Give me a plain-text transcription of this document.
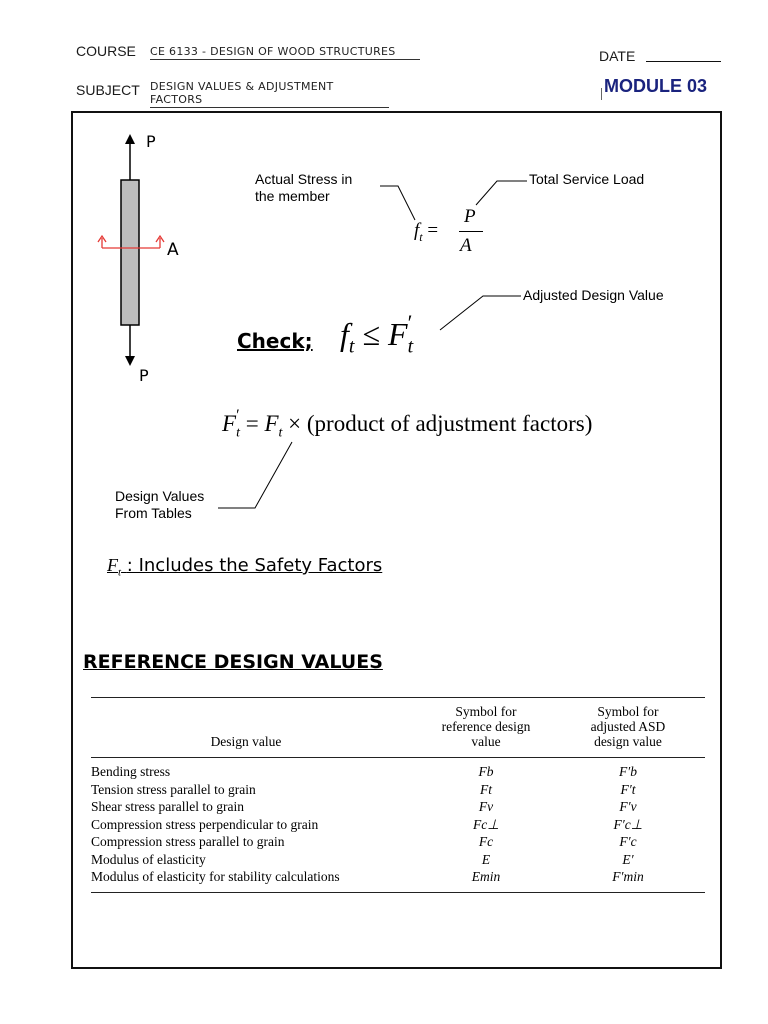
COURSE CE 6133 - DESIGN OF WOOD STRUCTURES
SUBJECT DESIGN VALUES & ADJUSTMENT FACTORS
DATE
MODULE 03
P
P
A
Actual Stress in the member
Total Service Load
Adjusted Design Value
Design Values From Tables
$f_t$ =
P
A
Check; $f_t \le F$ ′
$_t$
F ′
$_t = F_t$ × (product of adjustment factors)
$F_t$ : Includes the Safety Factors
REFERENCE DESIGN VALUES
Design value	Symbol for reference design value	Symbol for adjusted ASD design value

Bending stress	Fb	F′b
Tension stress parallel to grain	Ft	F′t
Shear stress parallel to grain	Fv	F′v
Compression stress perpendicular to grain	Fc⊥	F′c⊥
Compression stress parallel to grain	Fc	F′c
Modulus of elasticity	E	E′
Modulus of elasticity for stability calculations	Emin	F′min
